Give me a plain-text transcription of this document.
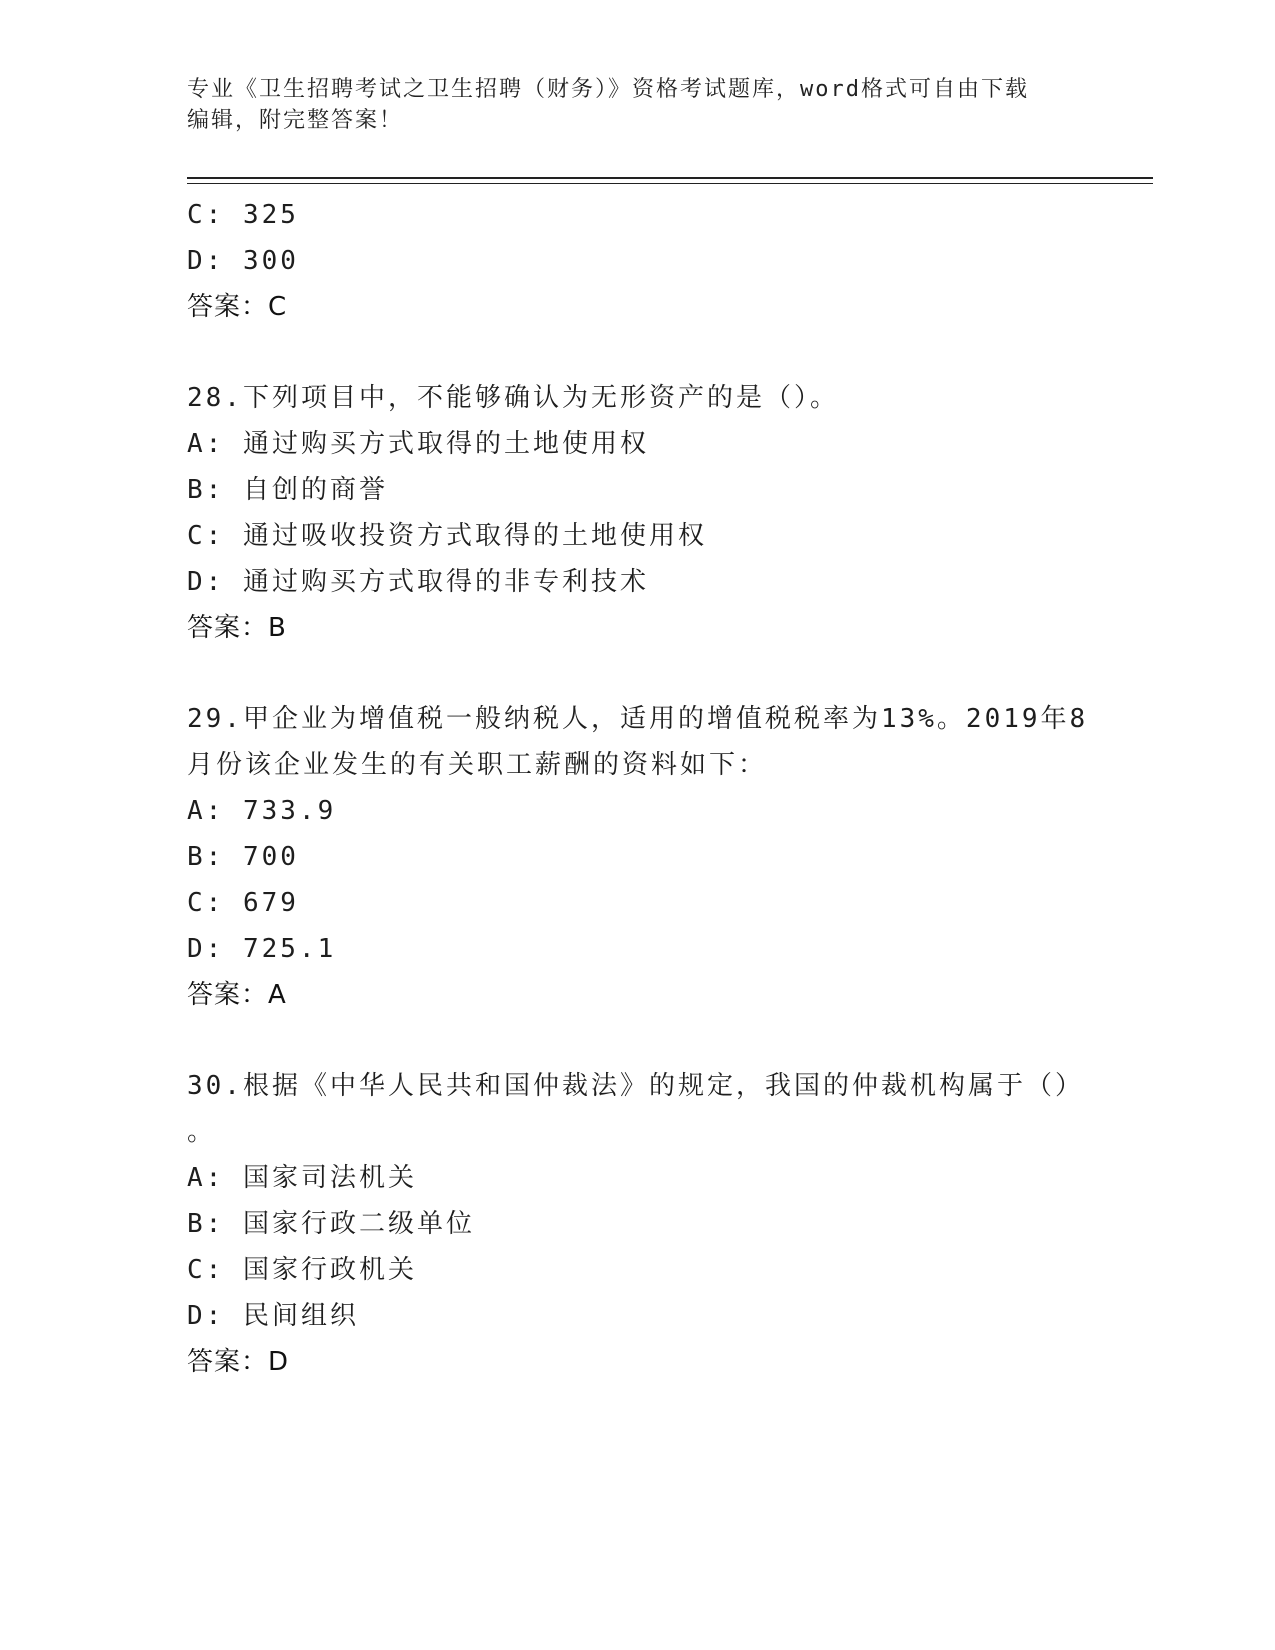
专业《卫生招聘考试之卫生招聘（财务）》资格考试题库，word格式可自由下载
编辑，附完整答案！
C: 325
D: 300
答案：C
28.下列项目中，不能够确认为无形资产的是（）。
A: 通过购买方式取得的土地使用权
B: 自创的商誉
C: 通过吸收投资方式取得的土地使用权
D: 通过购买方式取得的非专利技术
答案：B
29.甲企业为增值税一般纳税人，适用的增值税税率为13%。2019年8
月份该企业发生的有关职工薪酬的资料如下：
A: 733.9
B: 700
C: 679
D: 725.1
答案：A
30.根据《中华人民共和国仲裁法》的规定，我国的仲裁机构属于（）
。
A: 国家司法机关
B: 国家行政二级单位
C: 国家行政机关
D: 民间组织
答案：D
